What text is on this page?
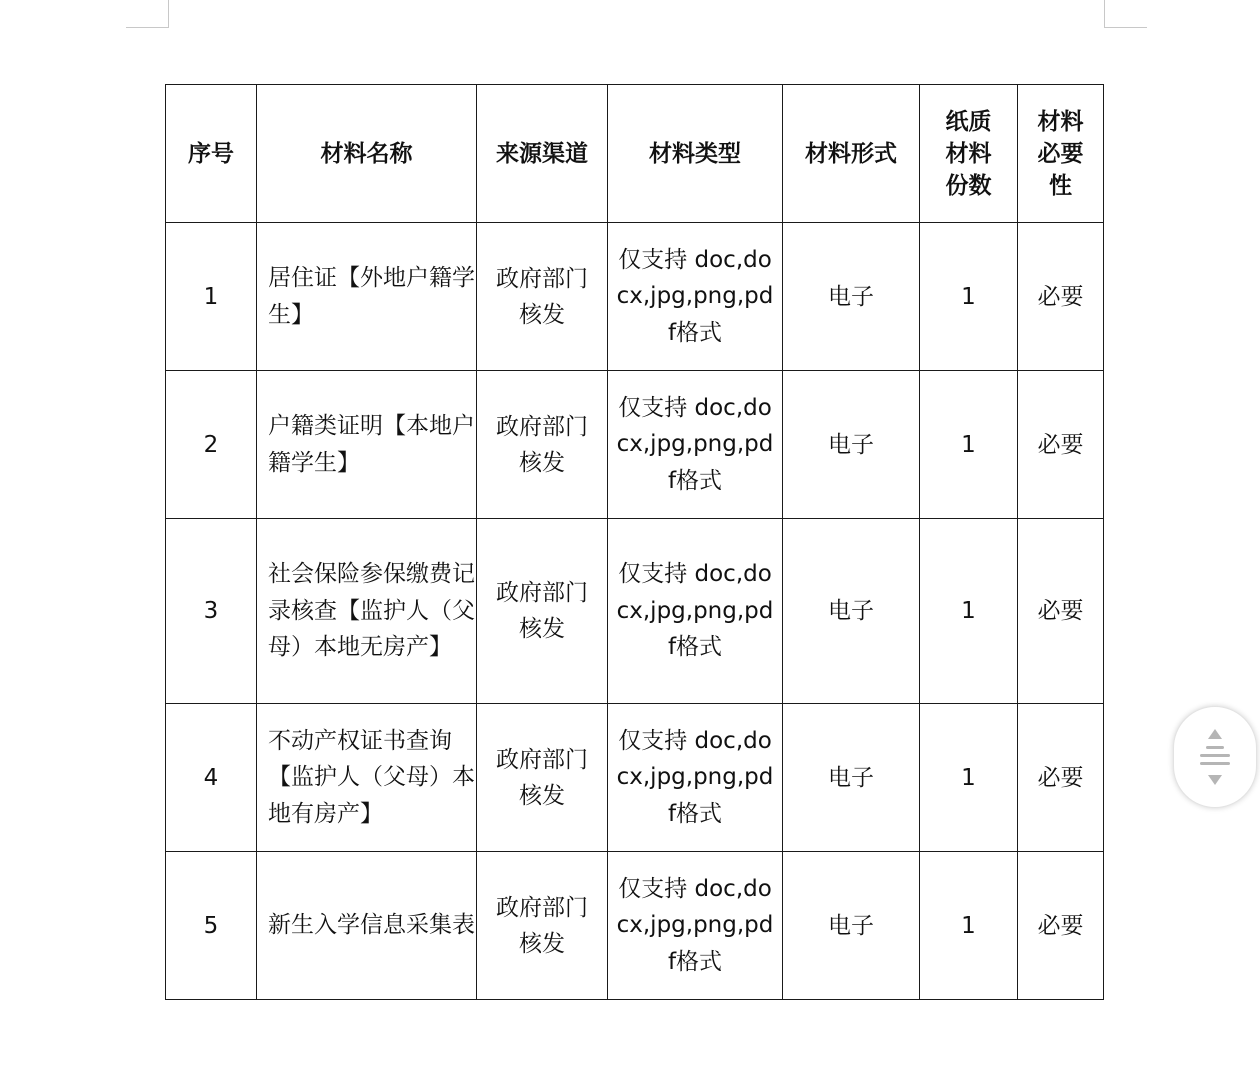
序号	材料名称	来源渠道	材料类型	材料形式	纸质材料份数	材料必要性
1	居住证【外地户籍学生】	政府部门核发	仅支持 doc,docx,jpg,png,pdf格式	电子	1	必要
2	户籍类证明【本地户籍学生】	政府部门核发	仅支持 doc,docx,jpg,png,pdf格式	电子	1	必要
3	社会保险参保缴费记录核查【监护人（父母）本地无房产】	政府部门核发	仅支持 doc,docx,jpg,png,pdf格式	电子	1	必要
4	不动产权证书查询【监护人（父母）本地有房产】	政府部门核发	仅支持 doc,docx,jpg,png,pdf格式	电子	1	必要
5	新生入学信息采集表	政府部门核发	仅支持 doc,docx,jpg,png,pdf格式	电子	1	必要
